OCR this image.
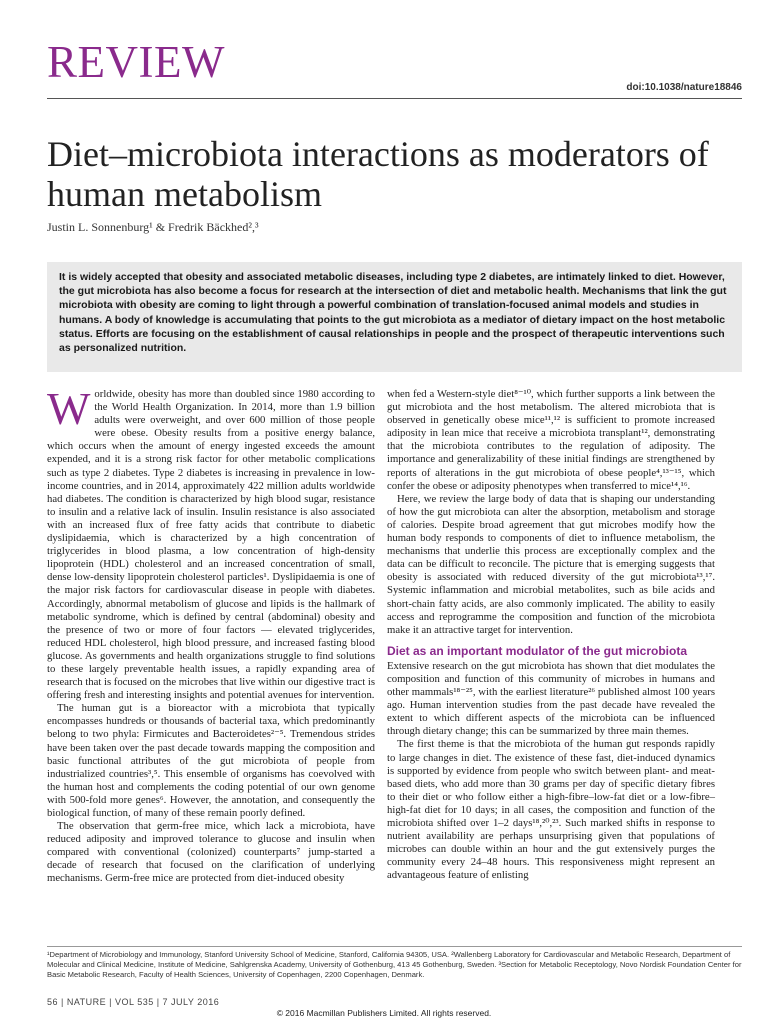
REVIEW
doi:10.1038/nature18846
Diet–microbiota interactions as moderators of human metabolism
Justin L. Sonnenburg¹ & Fredrik Bäckhed²,³
It is widely accepted that obesity and associated metabolic diseases, including type 2 diabetes, are intimately linked to diet. However, the gut microbiota has also become a focus for research at the intersection of diet and metabolic health. Mechanisms that link the gut microbiota with obesity are coming to light through a powerful combination of translation-focused animal models and studies in humans. A body of knowledge is accumulating that points to the gut microbiota as a mediator of dietary impact on the host metabolic status. Efforts are focusing on the establishment of causal relationships in people and the prospect of therapeutic interventions such as personalized nutrition.

Worldwide, obesity has more than doubled since 1980 according to the World Health Organization. In 2014, more than 1.9 billion adults were overweight, and over 600 million of those people were obese. Obesity results from a positive energy balance, which occurs when the amount of energy ingested exceeds the amount expended, and it is a strong risk factor for other metabolic complications such as type 2 diabetes. Type 2 diabetes is increasing in prevalence in low-income countries, and in 2014, approximately 422 million adults worldwide had diabetes. The condition is characterized by high blood sugar, resistance to insulin and a relative lack of insulin. Insulin resistance is also associated with an increased flux of free fatty acids that contribute to diabetic dyslipidaemia, which is characterized by a high concentration of triglycerides in blood plasma, a low concentration of high-density lipoprotein (HDL) cholesterol and an increased concentration of small, dense low-density lipoprotein cholesterol particles¹. Dyslipidaemia is one of the major risk factors for cardiovascular disease in people with diabetes. Accordingly, abnormal metabolism of glucose and lipids is the hallmark of metabolic syndrome, which is defined by central (abdominal) obesity and the presence of two or more of four factors — elevated triglycerides, reduced HDL cholesterol, high blood pressure, and increased fasting blood glucose. As governments and health organizations struggle to find solutions to these largely preventable health issues, a rapidly expanding area of research that is focused on the microbes that live within our digestive tract is offering fresh and interesting insights and potential avenues for intervention.

The human gut is a bioreactor with a microbiota that typically encompasses hundreds or thousands of bacterial taxa, which predominantly belong to two phyla: Firmicutes and Bacteroidetes²⁻⁵. Tremendous strides have been taken over the past decade towards mapping the composition and basic functional attributes of the gut microbiota of people from industrialized countries³,⁵. This ensemble of organisms has coevolved with the human host and complements the coding potential of our own genome with 500-fold more genes⁶. However, the annotation, and consequently the biological function, of many of these remain poorly defined.

The observation that germ-free mice, which lack a microbiota, have reduced adiposity and improved tolerance to glucose and insulin when compared with conventional (colonized) counterparts⁷ jump-started a decade of research that focused on the clarification of underlying mechanisms. Germ-free mice are protected from diet-induced obesity

when fed a Western-style diet⁸⁻¹⁰, which further supports a link between the gut microbiota and the host metabolism. The altered microbiota that is observed in genetically obese mice¹¹,¹² is sufficient to promote increased adiposity in lean mice that receive a microbiota transplant¹², demonstrating that the microbiota contributes to the regulation of adiposity. The importance and generalizability of these initial findings are strengthened by reports of alterations in the gut microbiota of obese people⁴,¹³⁻¹⁵, which confer the obese or adiposity phenotypes when transferred to mice¹⁴,¹⁶.

Here, we review the large body of data that is shaping our understanding of how the gut microbiota can alter the absorption, metabolism and storage of calories. Despite broad agreement that gut microbes modify how the human body responds to components of diet to influence metabolism, the mechanisms that underlie this process are exceptionally complex and the data can be difficult to reconcile. The picture that is emerging suggests that obesity is associated with reduced diversity of the gut microbiota¹³,¹⁷. Systemic inflammation and microbial metabolites, such as bile acids and short-chain fatty acids, are also commonly implicated. The ability to easily access and reprogramme the composition and function of the microbiota make it an attractive target for intervention.

Diet as an important modulator of the gut microbiota

Extensive research on the gut microbiota has shown that diet modulates the composition and function of this community of microbes in humans and other mammals¹⁸⁻²⁵, with the earliest literature²⁶ published almost 100 years ago. Human intervention studies from the past decade have revealed the extent to which different aspects of the microbiota can be influenced through dietary change; this can be summarized by three main themes.

The first theme is that the microbiota of the human gut responds rapidly to large changes in diet. The existence of these fast, diet-induced dynamics is supported by evidence from people who switch between plant- and meat-based diets, who add more than 30 grams per day of specific dietary fibres to their diet or who follow either a high-fibre–low-fat diet or a low-fibre–high-fat diet for 10 days; in all cases, the composition and function of the microbiota shifted over 1–2 days¹⁸,²⁰,²³. Such marked shifts in response to nutrient availability are perhaps unsurprising given that populations of microbes can double within an hour and the gut extensively purges the community every 24–48 hours. This responsiveness might represent an advantageous feature of enlisting

¹Department of Microbiology and Immunology, Stanford University School of Medicine, Stanford, California 94305, USA. ²Wallenberg Laboratory for Cardiovascular and Metabolic Research, Department of Molecular and Clinical Medicine, Institute of Medicine, Sahlgrenska Academy, University of Gothenburg, 413 45 Gothenburg, Sweden. ³Section for Metabolic Receptology, Novo Nordisk Foundation Center for Basic Metabolic Research, Faculty of Health Sciences, University of Copenhagen, 2200 Copenhagen, Denmark.
56 | NATURE | VOL 535 | 7 JULY 2016
© 2016 Macmillan Publishers Limited. All rights reserved.
